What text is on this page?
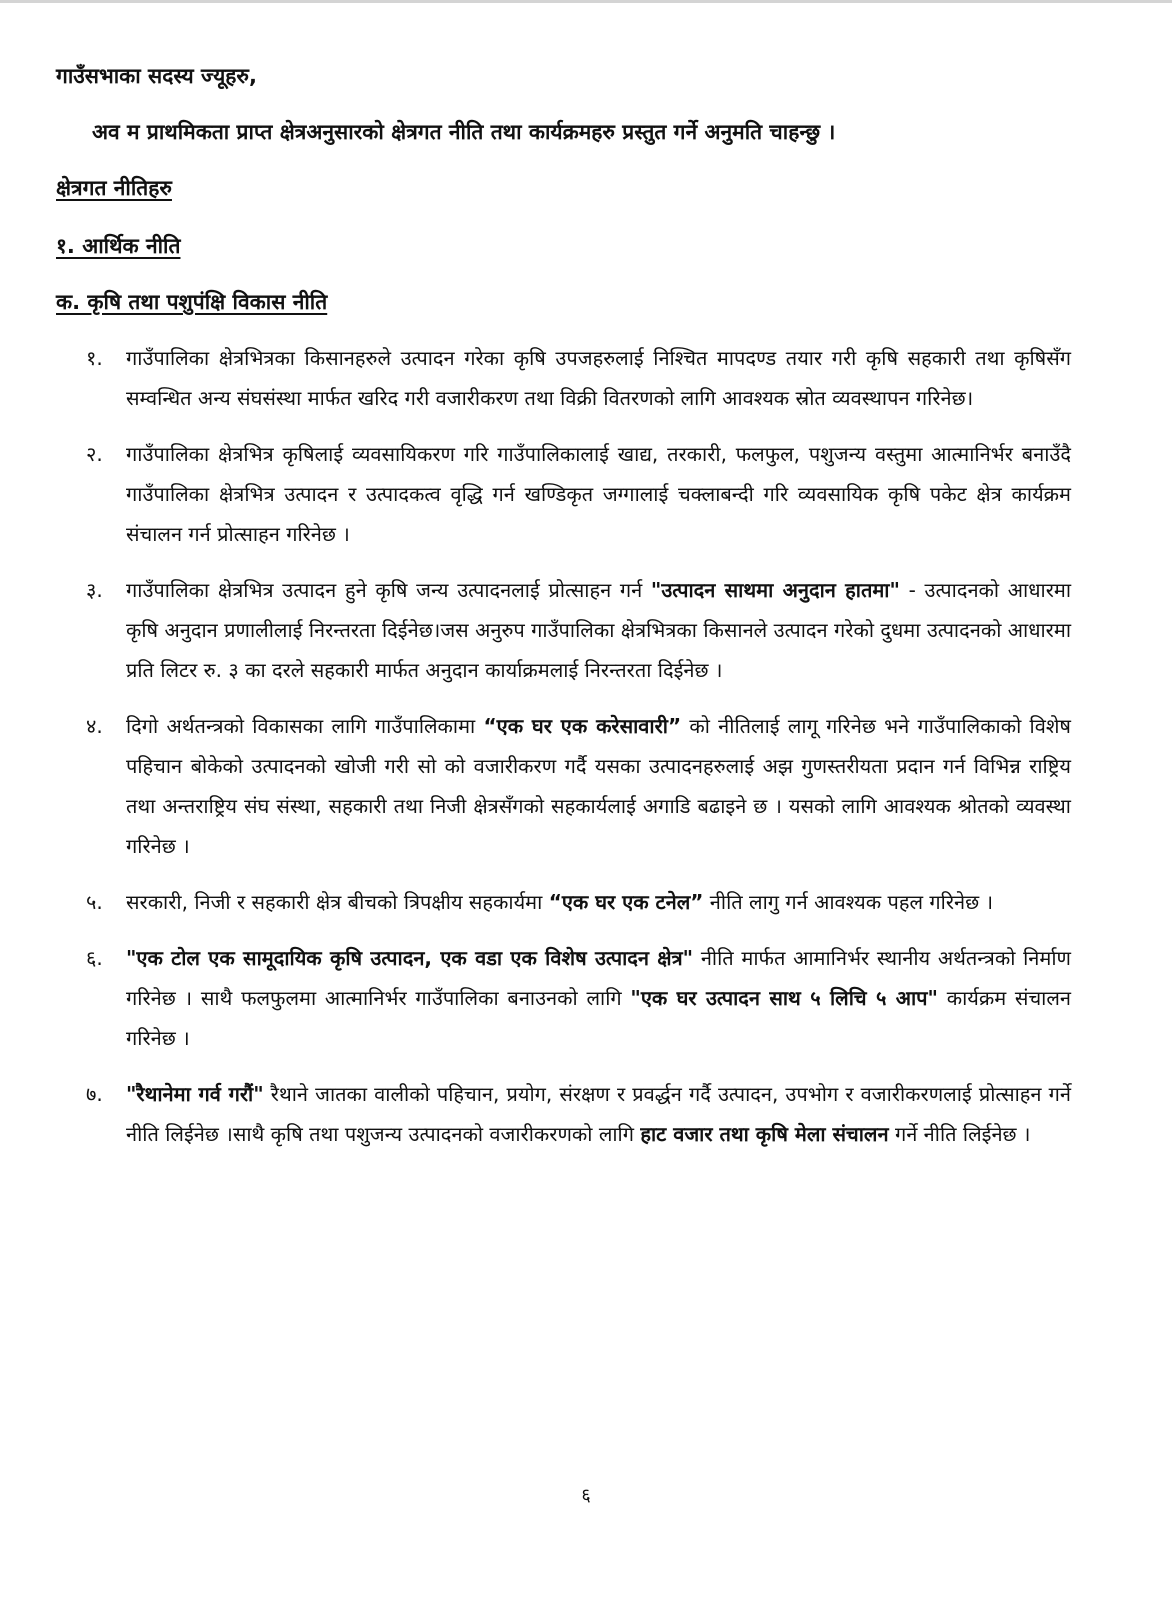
गाउँसभाका सदस्य ज्यूहरु,

अव म प्राथमिकता प्राप्त क्षेत्रअनुसारको क्षेत्रगत नीति तथा कार्यक्रमहरु प्रस्तुत गर्ने अनुमति चाहन्छु ।

क्षेत्रगत नीतिहरु

१. आर्थिक नीति

क. कृषि तथा पशुपंक्षि विकास नीति

१.	गाउँपालिका क्षेत्रभित्रका किसानहरुले उत्पादन गरेका कृषि उपजहरुलाई निश्चित मापदण्ड तयार गरी कृषि सहकारी तथा कृषिसँग सम्वन्धित अन्य संघसंस्था मार्फत खरिद गरी वजारीकरण तथा विक्री वितरणको लागि आवश्यक स्रोत व्यवस्थापन गरिनेछ।
२.	गाउँपालिका क्षेत्रभित्र कृषिलाई व्यवसायिकरण गरि गाउँपालिकालाई खाद्य, तरकारी, फलफुल, पशुजन्य वस्तुमा आत्मानिर्भर बनाउँदै गाउँपालिका क्षेत्रभित्र उत्पादन र उत्पादकत्व वृद्धि गर्न खण्डिकृत जग्गालाई चक्लाबन्दी गरि व्यवसायिक कृषि पकेट क्षेत्र कार्यक्रम संचालन गर्न प्रोत्साहन गरिनेछ ।
३.	गाउँपालिका क्षेत्रभित्र उत्पादन हुने कृषि जन्य उत्पादनलाई प्रोत्साहन गर्न "उत्पादन साथमा अनुदान हातमा" - उत्पादनको आधारमा कृषि अनुदान प्रणालीलाई निरन्तरता दिईनेछ।जस अनुरुप गाउँपालिका क्षेत्रभित्रका किसानले उत्पादन गरेको दुधमा उत्पादनको आधारमा प्रति लिटर रु. ३ का दरले सहकारी मार्फत अनुदान कार्याक्रमलाई निरन्तरता दिईनेछ ।
४.	दिगो अर्थतन्त्रको विकासका लागि गाउँपालिकामा “एक घर एक करेसावारी” को नीतिलाई लागू गरिनेछ भने गाउँपालिकाको विशेष पहिचान बोकेको उत्पादनको खोजी गरी सो को वजारीकरण गर्दै यसका उत्पादनहरुलाई अझ गुणस्तरीयता प्रदान गर्न विभिन्न राष्ट्रिय तथा अन्तराष्ट्रिय संघ संस्था, सहकारी तथा निजी क्षेत्रसँगको सहकार्यलाई अगाडि बढाइने छ । यसको लागि आवश्यक श्रोतको व्यवस्था गरिनेछ ।
५.	सरकारी, निजी र सहकारी क्षेत्र बीचको त्रिपक्षीय सहकार्यमा “एक घर एक टनेल” नीति लागु गर्न आवश्यक पहल गरिनेछ ।
६.	"एक टोल एक सामूदायिक कृषि उत्पादन, एक वडा एक विशेष उत्पादन क्षेत्र" नीति मार्फत आमानिर्भर स्थानीय अर्थतन्त्रको निर्माण गरिनेछ । साथै फलफुलमा आत्मानिर्भर गाउँपालिका बनाउनको लागि "एक घर उत्पादन साथ ५ लिचि ५ आप" कार्यक्रम संचालन गरिनेछ ।
७.	"रैथानेमा गर्व गरौं" रैथाने जातका वालीको पहिचान, प्रयोग, संरक्षण र प्रवर्द्धन गर्दै उत्पादन, उपभोग र वजारीकरणलाई प्रोत्साहन गर्ने नीति लिईनेछ ।साथै कृषि तथा पशुजन्य उत्पादनको वजारीकरणको लागि हाट वजार तथा कृषि मेला संचालन गर्ने नीति लिईनेछ ।

६
